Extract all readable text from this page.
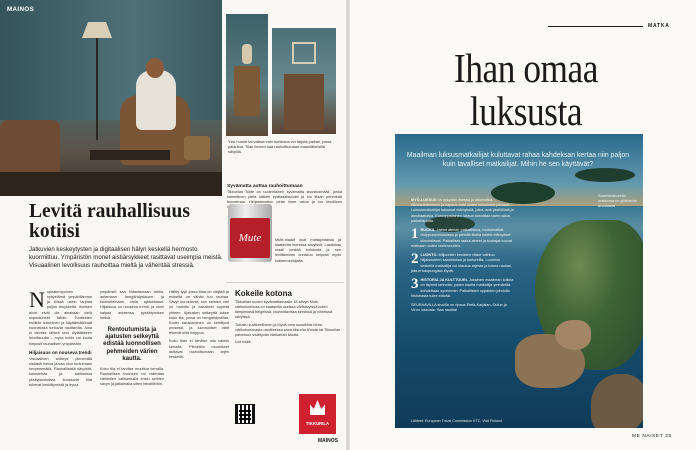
MAINOS
Yksi huone tai vaikka vain nurkkaus voi tarjota paikan, jossa palautua. Tilan ilmeen saa rauhoittumaan maanläheisillä sävyillä.
Levitä rauhallisuus kotiisi

Jatkuvien keskeytysten ja digitaalisen hälyn keskellä hermosto kuormittuu. Ympäristön monet aistiärsykkeet rasittavat useimpia meistä. Visuaalinen levollisuus rauhoittaa mieltä ja vähentää stressiä.

N opeatempoinen nykyelämä ympärillämme ja töissä usein tarjoaa paljon ärsykkeitä. Ihmisen aivot eivät ole ainakaan vielä sopeutuneet tähän. Tuotteiden esillelle tuleminen ja käyttämättömät huonekalut tuntuvat rasittavilta. Aina ei tarvitse lähteä ulos löytääkseen levollisuutta – myös kotiin voi luoda helposti rauhallisen ympäristön.
Hiljaisuus on nouseva trendi
Visuaalinen selkeys pienentää sisäistä melua ja saa olon tuntumaan kevyemmältä. Rauhallisista sävyistä, kalusteista ja harkituista yksityiskohdista koostuvat tilat tukevat keskittymistä ja lepoa.
ympäristö saa hidastamaan tahtia, antamaan hengähdystauon ja kuuntelemaan omia ajatuksiaan. Hiljaisuus on nouseva trendi, ja moni kaipaa arkeensa pysähtymisen hetkiä.
Rentoutumista ja ajatusten selkeyttä edistää luonnollisen pehmeiden värien kautta.
Koko tila ei tarvitse muuttua kerralla. Rauhallisen huoneen voi rakentaa vähitellen valitsemalla ensin seinien sävyn ja jatkamalla sitten tekstiileihin.
Hillitty tyyli jossa tilaa on väljästi ja esineitä on vähän tuo rauhaa. Sävyt korostuvat, kun seinien väri on harkittu ja kalusteet sopivat yhteen. Ajatusten selkeyttä tukee koko tila, jossa on hengähdystilaa. Kodin sisustaminen on kehittyvä prosessi, ja luonnolliset värit tekevät siitä helppoa.
Koko tilan ei tarvitse olla valmis kerralla. Pienetkin muutokset auttavat rauhoittumaan arjen keskellä.
Syvämatta auttaa rauhoittumaan
Tikkurilan Mute on uudenlainen syvämatta sisustusmaali, jonka samettinen pinta kätkee epätasaisuudet ja luo tilaan pehmeää tunnelmaa. Heijastamaton pinta imee valoa ja luo levollisen
Mute	Mute-maalit ovat mattapintaisia ja saatavilla monissa sävyissä. Laadukas maali kestää kulutusta ja sen levittäminen onnistuu helposti myös kotiremontoijalta.
Kokeile kotona

Tikkurilan uuden syvämattamaalin 18 sävyn Mute-värikokoelmaa on saatavilla useissa värisävyissä kuten lämpimissä beigeissä, rauhoittavissa sinisissä ja vihreissä sävyissä.

Tutustu kuvitteelliseen ja löydä oma suosikkisi Mute-värikokoelmasta osoitteessa www.tikkurila.fi/mute tai Tikkurilan palveluun sisältyvän värikartan kautta.

Lue lisää:

TIKKURILA
MAINOS
MATKA
Ihan omaa
luksusta

Maailman luksusmatkailijat kuluttavat rahaa kahdeksan kertaa niin paljon kuin tavalliset matkailijat. Mihin he sen käyttävät?

Saaristoalueella matkoma on yllättävän arvokasta

MYÖ-LUKSUS on nykyään itsessä ja aikamatka. Aikatauluttomuus ja vapaus ovat uuden luksuksen perusta. Luksusmatkailijat haluavat elämyksiä, jotka ovat yksilöllisiä ja ainutlaatuisia. Eurooppalainen luksus tarkoittaa usein aitoa paikallisuutta.

1 RUOKA. Jaetut ateriat, paikallisuus, ruokamatkat. Huippuravintoloissa ja pienillä tiloilla koetut elämykset kiinnostavat. Paikalliset raaka-aineet ja tuottajat tuovat matkaan uuden ulottuvuuden.
2 LUONTO. Miljoonien ihmisten vilske vaihtuu hiljaisuuteen saaristossa ja tuntureilla. Luonnon keskellä matkailija voi irtautua arjesta ja kokea rauhan, jota ei kaupungista löydä.
3 HISTORIA JA KULTTUURI. Jokainen maailman kolkka on täynnä tarinoita, joiden kautta matkailija ymmärtää kohdettaan syvemmin. Paikallisten oppaiden johdolla historiasta tulee elävää.

SEURAAVILLA sivuilla on ripaus Etelä-Karjalan, Oulun ja Viron luksusta. Saa nauttia!

Lähteet: European Travel Commission ETC, Visit Finland
ME NAISET 25
